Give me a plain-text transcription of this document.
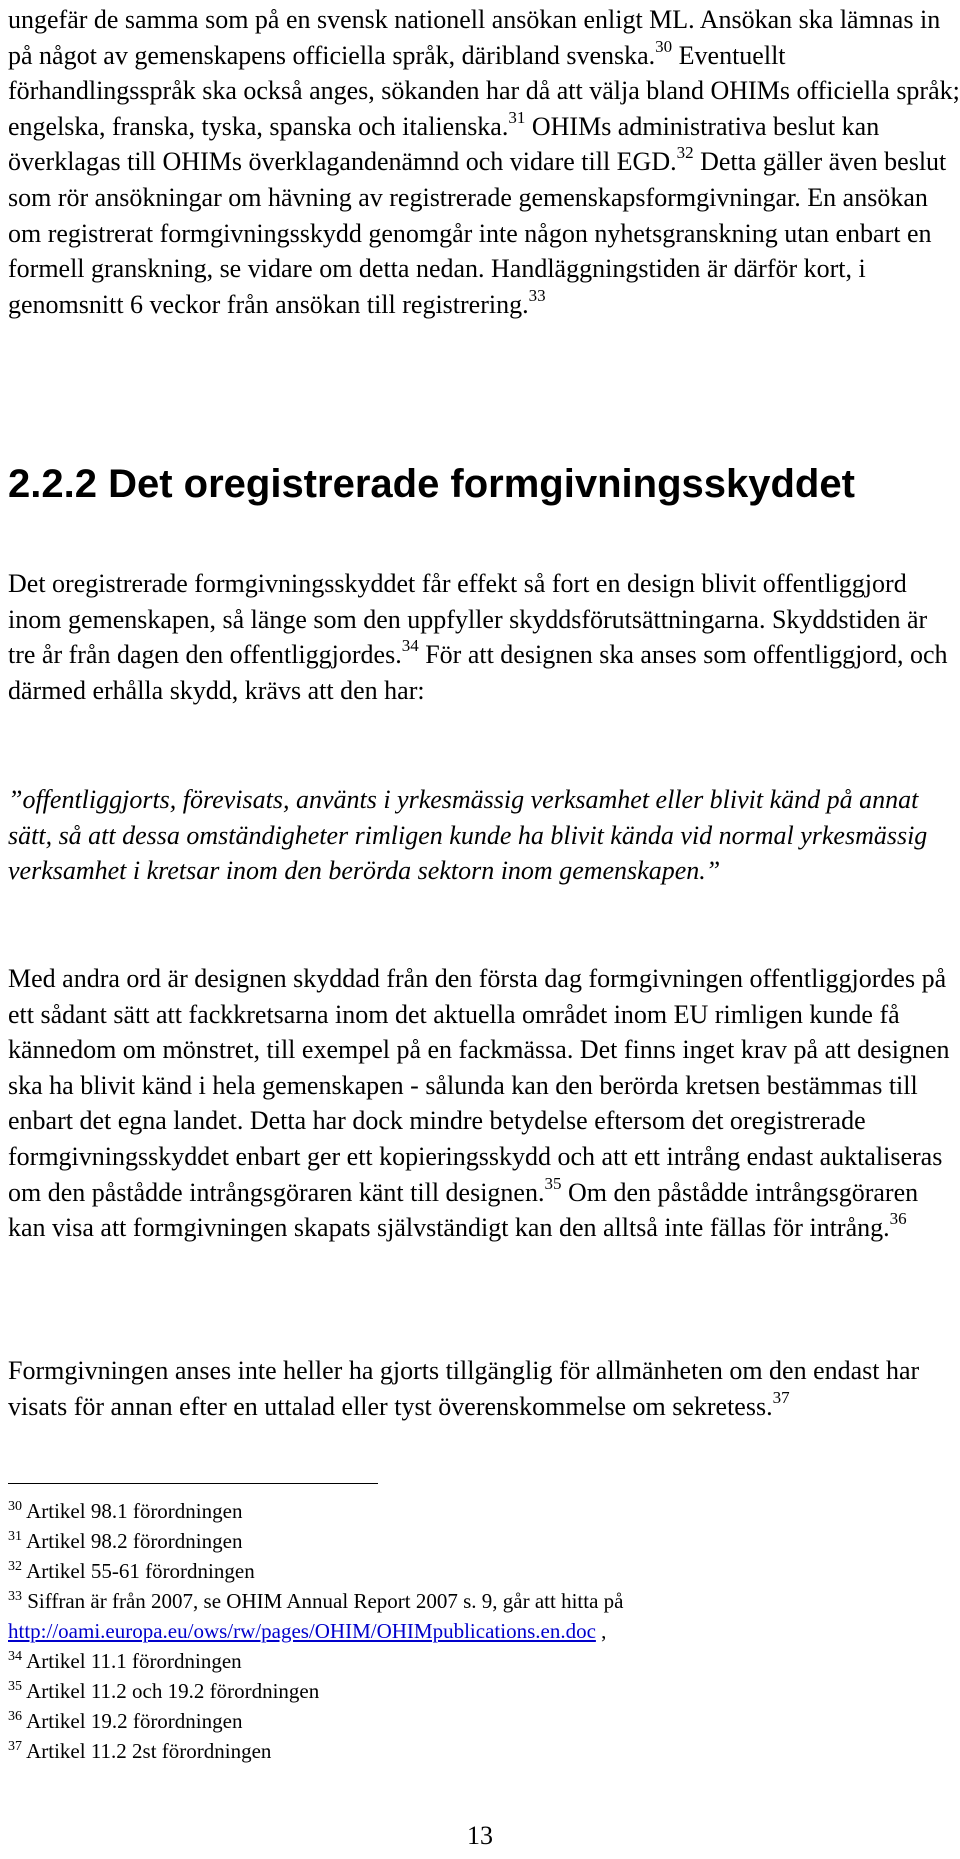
ungefär de samma som på en svensk nationell ansökan enligt ML. Ansökan ska lämnas in på något av gemenskapens officiella språk, däribland svenska.$^{30}$ Eventuellt förhandlingsspråk ska också anges, sökanden har då att välja bland OHIMs officiella språk; engelska, franska, tyska, spanska och italienska.$^{31}$ OHIMs administrativa beslut kan överklagas till OHIMs överklagandenämnd och vidare till EGD.$^{32}$ Detta gäller även beslut som rör ansökningar om hävning av registrerade gemenskapsformgivningar. En ansökan om registrerat formgivningsskydd genomgår inte någon nyhetsgranskning utan enbart en formell granskning, se vidare om detta nedan. Handläggningstiden är därför kort, i genomsnitt 6 veckor från ansökan till registrering.$^{33}$
2.2.2 Det oregistrerade formgivningsskyddet
Det oregistrerade formgivningsskyddet får effekt så fort en design blivit offentliggjord inom gemenskapen, så länge som den uppfyller skyddsförutsättningarna. Skyddstiden är tre år från dagen den offentliggjordes.$^{34}$ För att designen ska anses som offentliggjord, och därmed erhålla skydd, krävs att den har:
”offentliggjorts, förevisats, använts i yrkesmässig verksamhet eller blivit känd på annat sätt, så att dessa omständigheter rimligen kunde ha blivit kända vid normal yrkesmässig verksamhet i kretsar inom den berörda sektorn inom gemenskapen.”
Med andra ord är designen skyddad från den första dag formgivningen offentliggjordes på ett sådant sätt att fackkretsarna inom det aktuella området inom EU rimligen kunde få kännedom om mönstret, till exempel på en fackmässa. Det finns inget krav på att designen ska ha blivit känd i hela gemenskapen - sålunda kan den berörda kretsen bestämmas till enbart det egna landet. Detta har dock mindre betydelse eftersom det oregistrerade formgivningsskyddet enbart ger ett kopieringsskydd och att ett intrång endast auktaliseras om den påstådde intrångsgöraren känt till designen.$^{35}$ Om den påstådde intrångsgöraren kan visa att formgivningen skapats självständigt kan den alltså inte fällas för intrång.$^{36}$
Formgivningen anses inte heller ha gjorts tillgänglig för allmänheten om den endast har visats för annan efter en uttalad eller tyst överenskommelse om sekretess.$^{37}$
$^{30}$ Artikel 98.1 förordningen
$^{31}$ Artikel 98.2 förordningen
$^{32}$ Artikel 55-61 förordningen
$^{33}$ Siffran är från 2007, se OHIM Annual Report 2007 s. 9, går att hitta på
http://oami.europa.eu/ows/rw/pages/OHIM/OHIMpublications.en.doc ,
$^{34}$ Artikel 11.1 förordningen
$^{35}$ Artikel 11.2 och 19.2 förordningen
$^{36}$ Artikel 19.2 förordningen
$^{37}$ Artikel 11.2 2st förordningen
13
